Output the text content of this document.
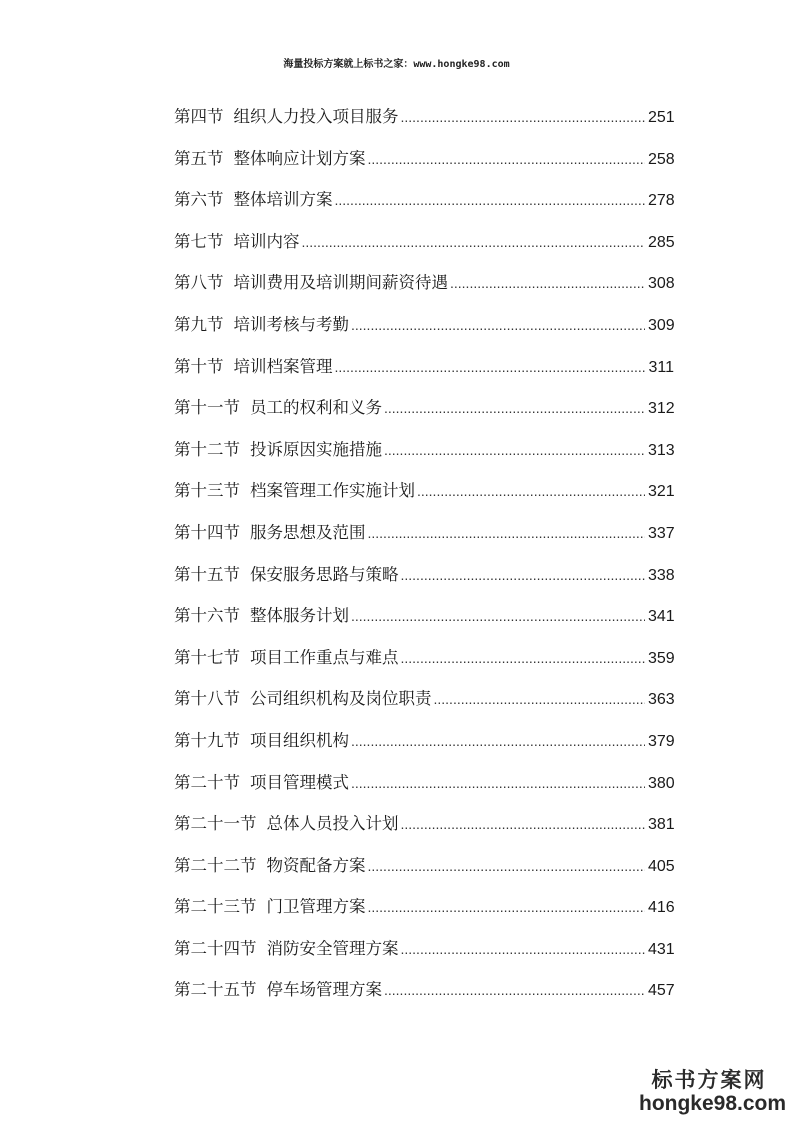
海量投标方案就上标书之家：www.hongke98.com
第四节 组织人力投入项目服务 .....	251
第五节 整体响应计划方案 .....	258
第六节 整体培训方案 .....	278
第七节 培训内容 .....	285
第八节 培训费用及培训期间薪资待遇 .....	308
第九节 培训考核与考勤 .....	309
第十节 培训档案管理 .....	311
第十一节 员工的权利和义务 .....	312
第十二节 投诉原因实施措施 .....	313
第十三节 档案管理工作实施计划 .....	321
第十四节 服务思想及范围 .....	337
第十五节 保安服务思路与策略 .....	338
第十六节 整体服务计划 .....	341
第十七节 项目工作重点与难点 .....	359
第十八节 公司组织机构及岗位职责 .....	363
第十九节 项目组织机构 .....	379
第二十节 项目管理模式 .....	380
第二十一节 总体人员投入计划 .....	381
第二十二节 物资配备方案 .....	405
第二十三节 门卫管理方案 .....	416
第二十四节 消防安全管理方案 .....	431
第二十五节 停车场管理方案 .....	457
标书方案网
hongke98.com
